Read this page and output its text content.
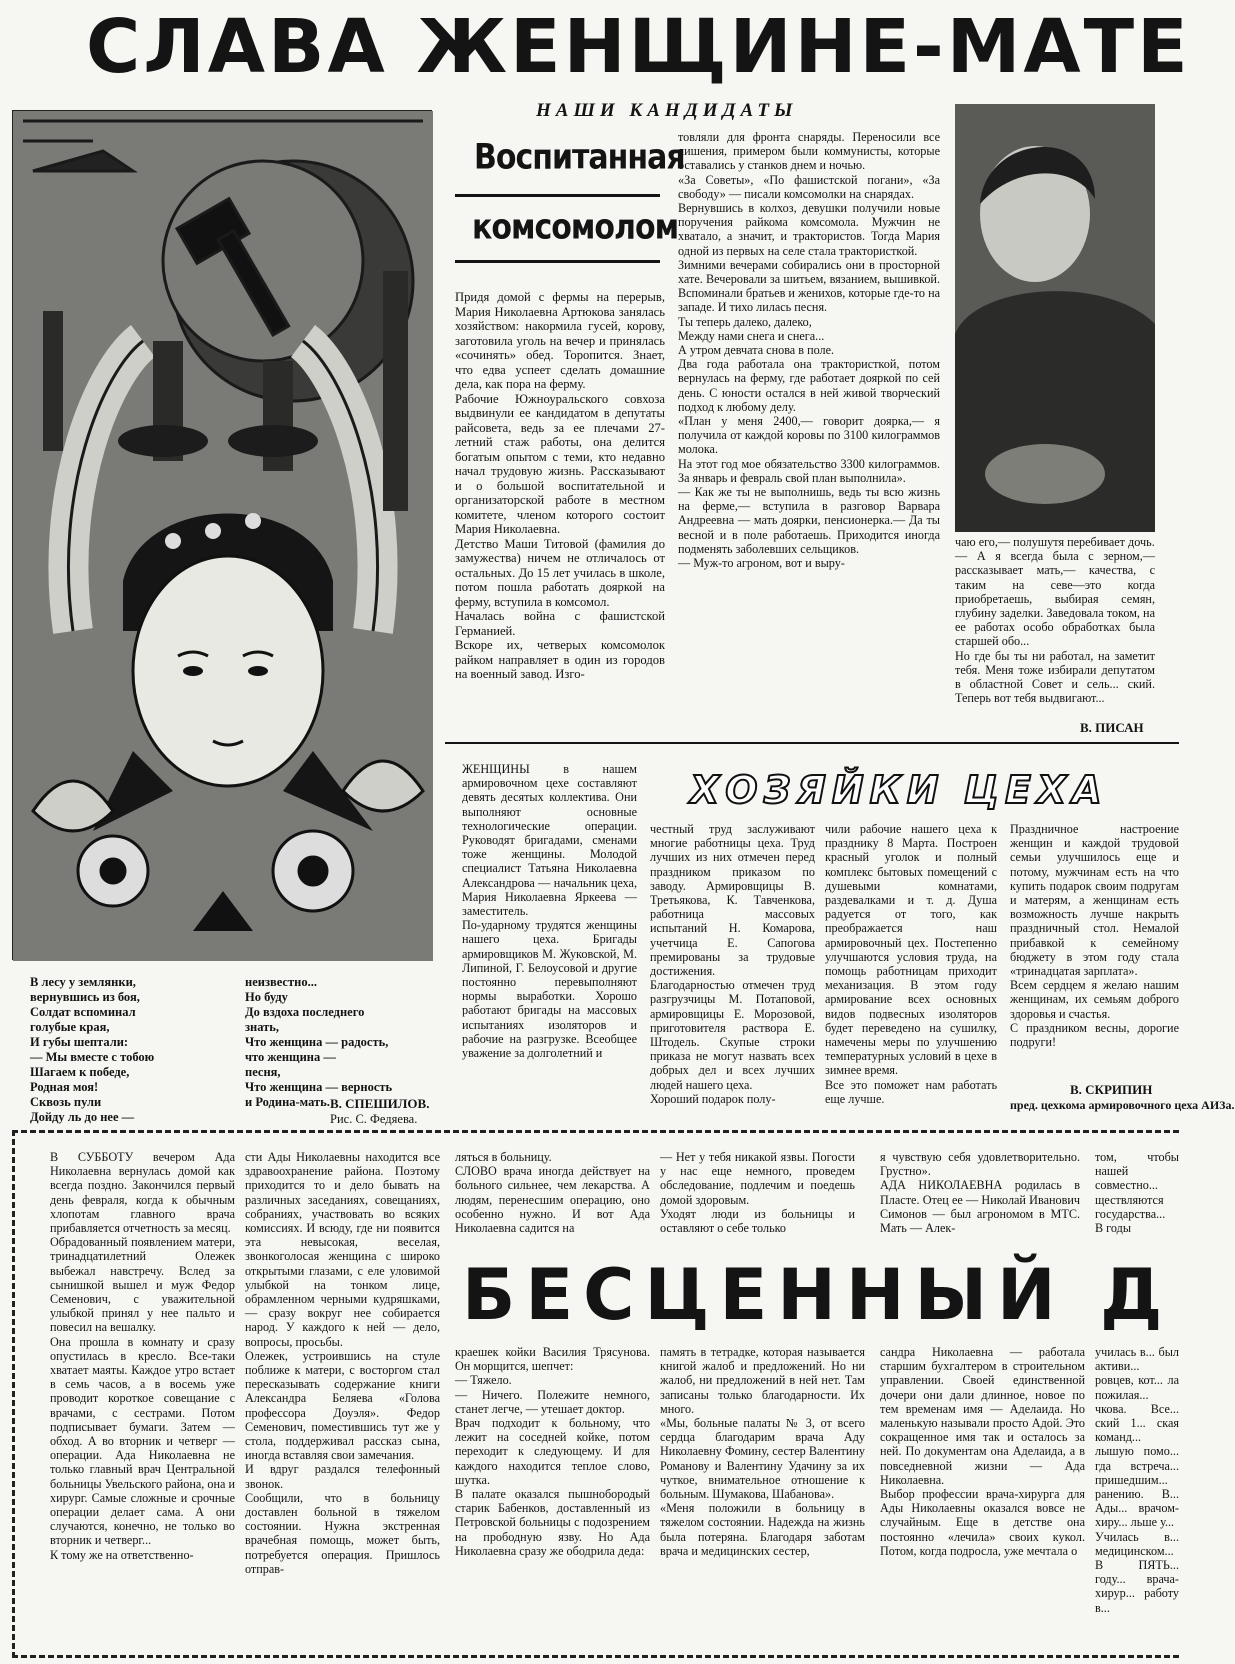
СЛАВА ЖЕНЩИНЕ-МАТЕ
НАШИ КАНДИДАТЫ
Воспитанная
комсомолом
Придя домой с фермы на перерыв, Мария Николаевна Артюкова занялась хозяйством: накормила гусей, корову, заготовила уголь на вечер и принялась «сочинять» обед. Торопится. Знает, что едва успеет сделать домашние дела, как пора на ферму.
Рабочие Южноуральского совхоза выдвинули ее кандидатом в депутаты райсовета, ведь за ее плечами 27-летний стаж работы, она делится богатым опытом с теми, кто недавно начал трудовую жизнь. Рассказывают и о большой воспитательной и организаторской работе в местном комитете, членом которого состоит Мария Николаевна.
Детство Маши Титовой (фамилия до замужества) ничем не отличалось от остальных. До 15 лет училась в школе, потом пошла работать дояркой на ферму, вступила в комсомол.
Началась война с фашистской Германией.
Вскоре их, четверых комсомолок райком направляет в один из городов на военный завод. Изго-
товляли для фронта снаряды. Переносили все лишения, примером были коммунисты, которые оставались у станков днем и ночью.
«За Советы», «По фашистской погани», «За свободу» — писали комсомолки на снарядах.
Вернувшись в колхоз, девушки получили новые поручения райкома комсомола. Мужчин не хватало, а значит, и трактористов. Тогда Мария одной из первых на селе стала трактористкой.
Зимними вечерами собирались они в просторной хате. Вечеровали за шитьем, вязанием, вышивкой. Вспоминали братьев и женихов, которые где-то на западе. И тихо лилась песня.
Ты теперь далеко, далеко,
Между нами снега и снега...
А утром девчата снова в поле.
Два года работала она трактористкой, потом вернулась на ферму, где работает дояркой по сей день. С юности остался в ней живой творческий подход к любому делу.
«План у меня 2400,— говорит доярка,— я получила от каждой коровы по 3100 килограммов молока.
На этот год мое обязательство 3300 килограммов. За январь и февраль свой план выполнила».
— Как же ты не выполнишь, ведь ты всю жизнь на ферме,— вступила в разговор Варвара Андреевна — мать доярки, пенсионерка.— Да ты весной и в поле работаешь. Приходится иногда подменять заболевших сельщиков.
— Муж-то агроном, вот и выру-
чаю его,— полушутя перебивает дочь.
— А я всегда была с зерном,— рассказывает мать,— качества, с таким на севе—это когда приобретаешь, выбирая семян, глубину заделки. Заведовала током, на ее работах особо обработках была старшей обо...
Но где бы ты ни работал, на заметит тебя. Меня тоже избирали депутатом в областной Совет и сель... ский. Теперь вот тебя выдвигают...
В. ПИСАН
В лесу у землянки,
вернувшись из боя,
Солдат вспоминал
голубые края,
И губы шептали:
— Мы вместе с тобою
Шагаем к победе,
Родная моя!
Сквозь пули
Дойду ль до нее —
неизвестно...
Но буду
До вздоха последнего
знать,
Что женщина — радость,
что женщина —
песня,
Что женщина — верность
и Родина-мать. В. СПЕШИЛОВ.
Рис. С. Федяева.
ХОЗЯЙКИ ЦЕХА
ЖЕНЩИНЫ в нашем армировочном цехе составляют девять десятых коллектива. Они выполняют основные технологические операции. Руководят бригадами, сменами тоже женщины. Молодой специалист Татьяна Николаевна Александрова — начальник цеха, Мария Николаевна Яркеева — заместитель.
По-ударному трудятся женщины нашего цеха. Бригады армировщиков М. Жуковской, М. Липиной, Г. Белоусовой и другие постоянно перевыполняют нормы выработки. Хорошо работают бригады на массовых испытаниях изоляторов и рабочие на разгрузке. Всеобщее уважение за долголетний и
честный труд заслуживают многие работницы цеха. Труд лучших из них отмечен перед праздником приказом по заводу. Армировщицы В. Третьякова, К. Тавченкова, работница массовых испытаний Н. Комарова, учетчица Е. Сапогова премированы за трудовые достижения.
Благодарностью отмечен труд разгрузчицы М. Потаповой, армировщицы Е. Морозовой, приготовителя раствора Е. Штодель. Скупые строки приказа не могут назвать всех добрых дел и всех лучших людей нашего цеха.
Хороший подарок полу-
чили рабочие нашего цеха к празднику 8 Марта. Построен красный уголок и полный комплекс бытовых помещений с душевыми комнатами, раздевалками и т. д. Душа радуется от того, как преображается наш армировочный цех. Постепенно улучшаются условия труда, на помощь работницам приходит механизация. В этом году армирование всех основных видов подвесных изоляторов будет переведено на сушилку, намечены меры по улучшению температурных условий в цехе в зимнее время.
Все это поможет нам работать еще лучше.
Праздничное настроение женщин и каждой трудовой семьи улучшилось еще и потому, мужчинам есть на что купить подарок своим подругам и матерям, а женщинам есть возможность лучше накрыть праздничный стол. Немалой прибавкой к семейному бюджету в этом году стала «тринадцатая зарплата».
Всем сердцем я желаю нашим женщинам, их семьям доброго здоровья и счастья.
С праздником весны, дорогие подруги!
В. СКРИПИН
пред. цехкома армировочного цеха АИЗа.
В СУББОТУ вечером Ада Николаевна вернулась домой как всегда поздно. Закончился первый день февраля, когда к обычным хлопотам главного врача прибавляется отчетность за месяц.
Обрадованный появлением матери, тринадцатилетний Олежек выбежал навстречу. Вслед за сынишкой вышел и муж Федор Семенович, с уважительной улыбкой принял у нее пальто и повесил на вешалку.
Она прошла в комнату и сразу опустилась в кресло. Все-таки хватает маяты. Каждое утро встает в семь часов, а в восемь уже проводит короткое совещание с врачами, с сестрами. Потом подписывает бумаги. Затем — обход. А во вторник и четверг — операции. Ада Николаевна не только главный врач Центральной больницы Увельского района, она и хирург. Самые сложные и срочные операции делает сама. А они случаются, конечно, не только во вторник и четверг...
К тому же на ответственно-
сти Ады Николаевны находится все здравоохранение района. Поэтому приходится то и дело бывать на различных заседаниях, совещаниях, собраниях, участвовать во всяких комиссиях. И всюду, где ни появится эта невысокая, веселая, звонкоголосая женщина с широко открытыми глазами, с еле уловимой улыбкой на тонком лице, обрамленном черными кудряшками, — сразу вокруг нее собирается народ. У каждого к ней — дело, вопросы, просьбы.
Олежек, устроившись на стуле поближе к матери, с восторгом стал пересказывать содержание книги Александра Беляева «Голова профессора Доуэля». Федор Семенович, поместившись тут же у стола, поддерживал рассказ сына, иногда вставляя свои замечания.
И вдруг раздался телефонный звонок.
Сообщили, что в больницу доставлен больной в тяжелом состоянии. Нужна экстренная врачебная помощь, может быть, потребуется операция. Пришлось отправ-
ляться в больницу.
СЛОВО врача иногда действует на больного сильнее, чем лекарства. А людям, перенесшим операцию, оно особенно нужно. И вот Ада Николаевна садится на
— Нет у тебя никакой язвы. Погости у нас еще немного, проведем обследование, подлечим и поедешь домой здоровым.
Уходят люди из больницы и оставляют о себе только
я чувствую себя удовлетворительно. Грустно».
АДА НИКОЛАЕВНА родилась в Пласте. Отец ее — Николай Иванович Симонов — был агрономом в МТС. Мать — Алек-
том, чтобы нашей совместно... ществляются государства...
В годы
БЕСЦЕННЫЙ Д
краешек койки Василия Трясунова. Он морщится, шепчет:
— Тяжело.
— Ничего. Полежите немного, станет легче, — утешает доктор.
Врач подходит к больному, что лежит на соседней койке, потом переходит к следующему. И для каждого находится теплое слово, шутка.
В палате оказался пышнобородый старик Бабенков, доставленный из Петровской больницы с подозрением на прободную язву. Но Ада Николаевна сразу же ободрила деда:
память в тетрадке, которая называется книгой жалоб и предложений. Но ни жалоб, ни предложений в ней нет. Там записаны только благодарности. Их много.
«Мы, больные палаты № 3, от всего сердца благодарим врача Аду Николаевну Фомину, сестер Валентину Романову и Валентину Удачину за их чуткое, внимательное отношение к больным. Шумакова, Шабанова».
«Меня положили в больницу в тяжелом состоянии. Надежда на жизнь была потеряна. Благодаря заботам врача и медицинских сестер,
сандра Николаевна — работала старшим бухгалтером в строительном управлении. Своей единственной дочери они дали длинное, новое по тем временам имя — Аделаида. Но маленькую называли просто Адой. Это сокращенное имя так и осталось за ней. По документам она Аделаида, а в повседневной жизни — Ада Николаевна.
Выбор профессии врача-хирурга для Ады Николаевны оказался вовсе не случайным. Еще в детстве она постоянно «лечила» своих кукол. Потом, когда подросла, уже мечтала о
училась в... был активи... ровцев, кот... ла пожилая... чкова. Все... ский 1... ская команд... лышую помо... гда встреча... пришедшим... ранению. В... Ады... врачом-хиру... льше у...
Училась в... медицинском...
В ПЯТЬ... году... врача-хирур... работу в...
